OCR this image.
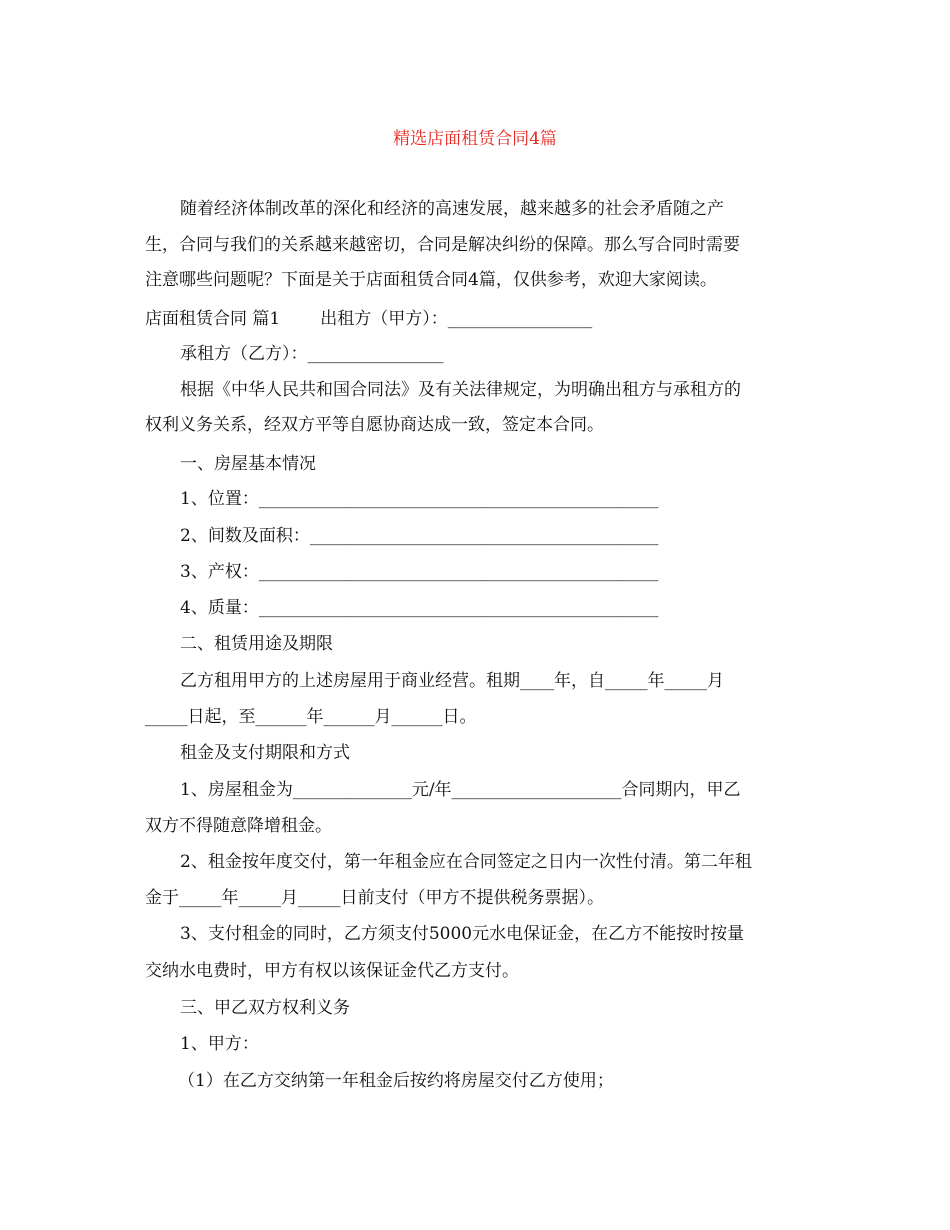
精选店面租赁合同4篇
随着经济体制改革的深化和经济的高速发展，越来越多的社会矛盾随之产
生，合同与我们的关系越来越密切，合同是解决纠纷的保障。那么写合同时需要
注意哪些问题呢？下面是关于店面租赁合同4篇，仅供参考，欢迎大家阅读。
店面租赁合同 篇1 出租方（甲方）：_________________
承租方（乙方）：________________
根据《中华人民共和国合同法》及有关法律规定，为明确出租方与承租方的
权利义务关系，经双方平等自愿协商达成一致，签定本合同。
一、房屋基本情况
1、位置：_______________________________________________
2、间数及面积：_________________________________________
3、产权：_______________________________________________
4、质量：_______________________________________________
二、租赁用途及期限
乙方租用甲方的上述房屋用于商业经营。租期____年，自_____年_____月
_____日起，至______年______月______日。
租金及支付期限和方式
1、房屋租金为______________元/年____________________合同期内，甲乙
双方不得随意降增租金。
2、租金按年度交付，第一年租金应在合同签定之日内一次性付清。第二年租
金于_____年_____月_____日前支付（甲方不提供税务票据）。
3、支付租金的同时，乙方须支付5000元水电保证金，在乙方不能按时按量
交纳水电费时，甲方有权以该保证金代乙方支付。
三、甲乙双方权利义务
1、甲方：
（1）在乙方交纳第一年租金后按约将房屋交付乙方使用；
